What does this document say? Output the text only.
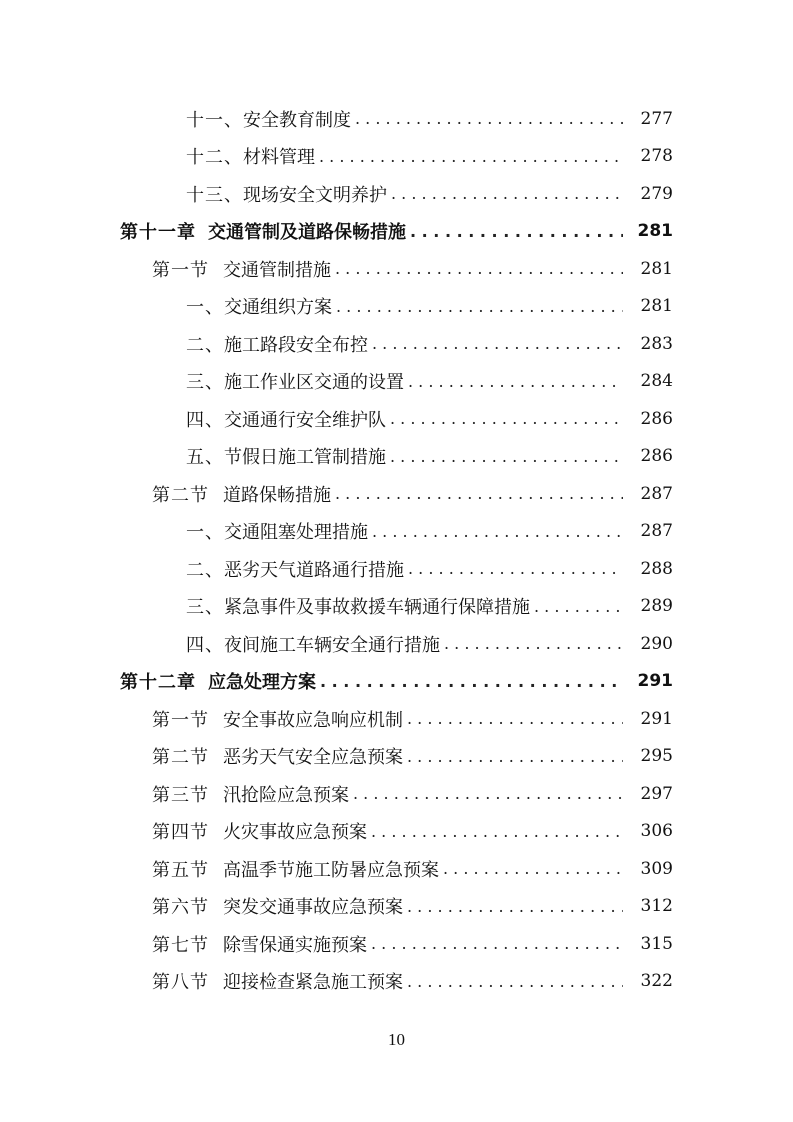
十一、安全教育制度 . . .	277
十二、材料管理 . . .	278
十三、现场安全文明养护 . . .	279
第十一章 交通管制及道路保畅措施 . . .	281
第一节 交通管制措施 . . .	281
一、交通组织方案 . . .	281
二、施工路段安全布控 . . .	283
三、施工作业区交通的设置 . . .	284
四、交通通行安全维护队 . . .	286
五、节假日施工管制措施 . . .	286
第二节 道路保畅措施 . . .	287
一、交通阻塞处理措施 . . .	287
二、恶劣天气道路通行措施 . . .	288
三、紧急事件及事故救援车辆通行保障措施 . . .	289
四、夜间施工车辆安全通行措施 . . .	290
第十二章 应急处理方案 . . .	291
第一节 安全事故应急响应机制 . . .	291
第二节 恶劣天气安全应急预案 . . .	295
第三节 汛抢险应急预案 . . .	297
第四节 火灾事故应急预案 . . .	306
第五节 高温季节施工防暑应急预案 . . .	309
第六节 突发交通事故应急预案 . . .	312
第七节 除雪保通实施预案 . . .	315
第八节 迎接检查紧急施工预案 . . .	322
10
